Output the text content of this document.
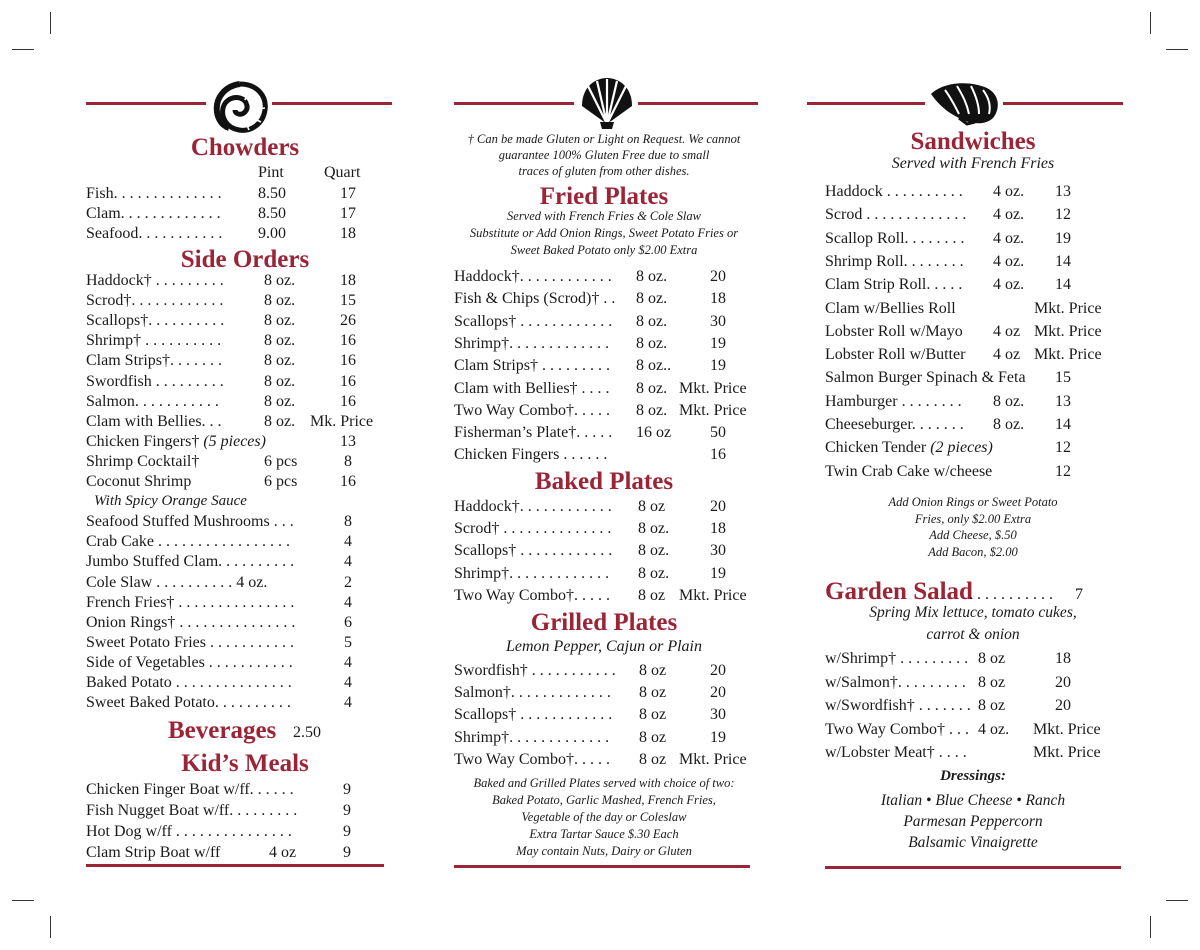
Chowders
Pint	Quart
Fish. . . . . . . . . . . . . . 8.50	17
Clam. . . . . . . . . . . . . 8.50	17
Seafood. . . . . . . . . . . 9.00	18
Side Orders
Haddock† . . . . . . . . .	8 oz.	18
Scrod†. . . . . . . . . . . .	8 oz.	15
Scallops†. . . . . . . . . . 8 oz.	26
Shrimp† . . . . . . . . . .	8 oz.	16
Clam Strips†. . . . . . .	8 oz.	16
Swordfish . . . . . . . . .	8 oz.	16
Salmon. . . . . . . . . . .	8 oz.	16
Clam with Bellies. . .	8 oz. Mk. Price
Chicken Fingers† (5 pieces)	13
Shrimp Cocktail†	6 pcs	8
Coconut Shrimp	6 pcs	16
With Spicy Orange Sauce
Seafood Stuffed Mushrooms . . .	8
Crab Cake . . . . . . . . . . . . . . . . .	4
Jumbo Stuffed Clam. . . . . . . . . .	4
Cole Slaw . . . . . . . . . . 4 oz.	2
French Fries† . . . . . . . . . . . . . . .	4
Onion Rings† . . . . . . . . . . . . . . .	6
Sweet Potato Fries . . . . . . . . . . .	5
Side of Vegetables . . . . . . . . . . .	4
Baked Potato . . . . . . . . . . . . . . .	4
Sweet Baked Potato. . . . . . . . . .	4
Beverages 2.50
Kid’s Meals
Chicken Finger Boat w/ff. . . . . .	9
Fish Nugget Boat w/ff. . . . . . . . .	9
Hot Dog w/ff . . . . . . . . . . . . . . .	9
Clam Strip Boat w/ff	4 oz	9
† Can be made Gluten or Light on Request. We cannot
guarantee 100% Gluten Free due to small
traces of gluten from other dishes.
Fried Plates
Served with French Fries & Cole Slaw
Substitute or Add Onion Rings, Sweet Potato Fries or
Sweet Baked Potato only $2.00 Extra
Haddock†. . . . . . . . . . . . 8 oz.	20
Fish & Chips (Scrod)† . . 8 oz.	18
Scallops† . . . . . . . . . . . . 8 oz.	30
Shrimp†. . . . . . . . . . . . . 8 oz.	19
Clam Strips† . . . . . . . . . 8 oz.. 19
Clam with Bellies† . . . . 8 oz. Mkt. Price
Two Way Combo†. . . . . 8 oz. Mkt. Price
Fisherman’s Plate†. . . . . 16 oz 50
Chicken Fingers . . . . . .	16
Baked Plates
Haddock†. . . . . . . . . . . . 8 oz	20
Scrod† . . . . . . . . . . . . . . 8 oz.	18
Scallops† . . . . . . . . . . . . 8 oz.	30
Shrimp†. . . . . . . . . . . . . 8 oz.	19
Two Way Combo†. . . . . 8 oz Mkt. Price
Grilled Plates
Lemon Pepper, Cajun or Plain
Swordfish† . . . . . . . . . . . 8 oz	20
Salmon†. . . . . . . . . . . . . 8 oz	20
Scallops† . . . . . . . . . . . . 8 oz	30
Shrimp†. . . . . . . . . . . . . 8 oz	19
Two Way Combo†. . . . . 8 oz Mkt. Price
Baked and Grilled Plates served with choice of two:
Baked Potato, Garlic Mashed, French Fries,
Vegetable of the day or Coleslaw
Extra Tartar Sauce $.30 Each
May contain Nuts, Dairy or Gluten
Sandwiches
Served with French Fries
Haddock . . . . . . . . . . 4 oz. 13
Scrod . . . . . . . . . . . . . 4 oz. 12
Scallop Roll. . . . . . . . 4 oz. 19
Shrimp Roll. . . . . . . . 4 oz. 14
Clam Strip Roll. . . . . 4 oz. 14
Clam w/Bellies Roll	Mkt. Price
Lobster Roll w/Mayo 4 oz Mkt. Price
Lobster Roll w/Butter 4 oz Mkt. Price
Salmon Burger Spinach & Feta 15
Hamburger . . . . . . . . 8 oz. 13
Cheeseburger. . . . . . . 8 oz. 14
Chicken Tender (2 pieces)	12
Twin Crab Cake w/cheese	12
Add Onion Rings or Sweet Potato
Fries, only $2.00 Extra
Add Cheese, $.50
Add Bacon, $2.00
Garden Salad
. . . . . . . . . . . 7
Spring Mix lettuce, tomato cukes,
carrot & onion
w/Shrimp† . . . . . . . . . 8 oz	18
w/Salmon†. . . . . . . . . 8 oz	20
w/Swordfish† . . . . . . . 8 oz	20
Two Way Combo† . . . 4 oz. Mkt. Price
w/Lobster Meat† . . . .	Mkt. Price
Dressings:
Italian • Blue Cheese • Ranch
Parmesan Peppercorn
Balsamic Vinaigrette
